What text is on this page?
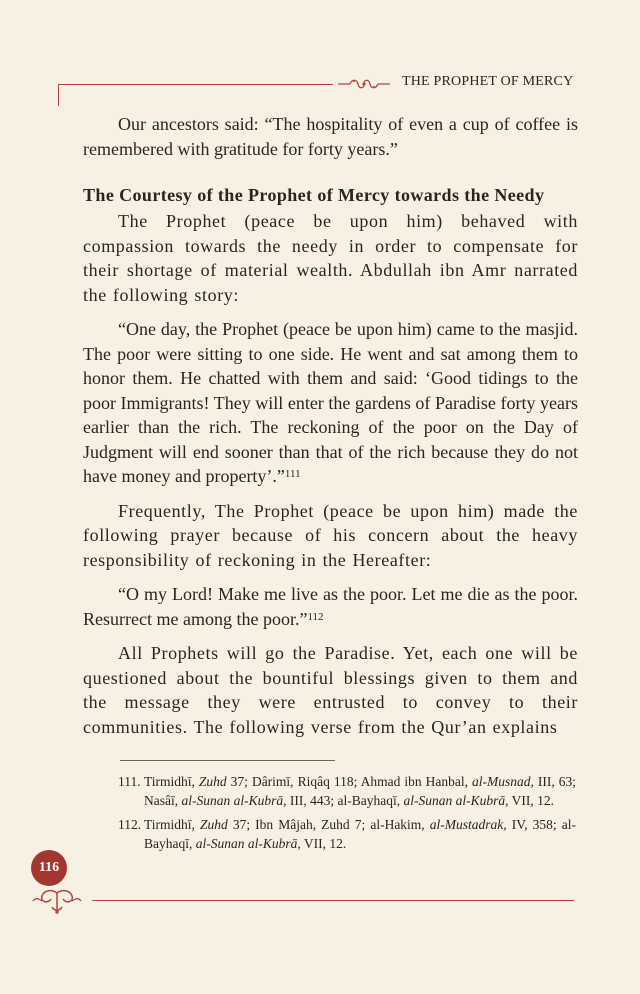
THE PROPHET OF MERCY

Our ancestors said: “The hospitality of even a cup of coffee is remembered with gratitude for forty years.”

The Courtesy of the Prophet of Mercy towards the Needy

The Prophet (peace be upon him) behaved with compassion towards the needy in order to compensate for their shortage of material wealth. Abdullah ibn Amr narrated the following story:

“One day, the Prophet (peace be upon him) came to the masjid. The poor were sitting to one side. He went and sat among them to honor them. He chatted with them and said: ‘Good tidings to the poor Immigrants! They will enter the gardens of Paradise forty years earlier than the rich. The reckoning of the poor on the Day of Judgment will end sooner than that of the rich because they do not have money and property’.”$^{111}$

Frequently, The Prophet (peace be upon him) made the following prayer because of his concern about the heavy responsibility of reckoning in the Hereafter:

“O my Lord! Make me live as the poor. Let me die as the poor. Resurrect me among the poor.”$^{112}$

All Prophets will go the Paradise. Yet, each one will be questioned about the bountiful blessings given to them and the message they were entrusted to convey to their communities. The following verse from the Qur’an explains

111. Tirmidhī, Zuhd 37; Dârimī, Riqâq 118; Ahmad ibn Hanbal, al-Musnad, III, 63; Nasâī, al-Sunan al-Kubrā, III, 443; al-Bayhaqī, al-Sunan al-Kubrā, VII, 12.
112. Tirmidhī, Zuhd 37; Ibn Mâjah, Zuhd 7; al-Hakim, al-Mustadrak, IV, 358; al-Bayhaqī, al-Sunan al-Kubrā, VII, 12.
116
